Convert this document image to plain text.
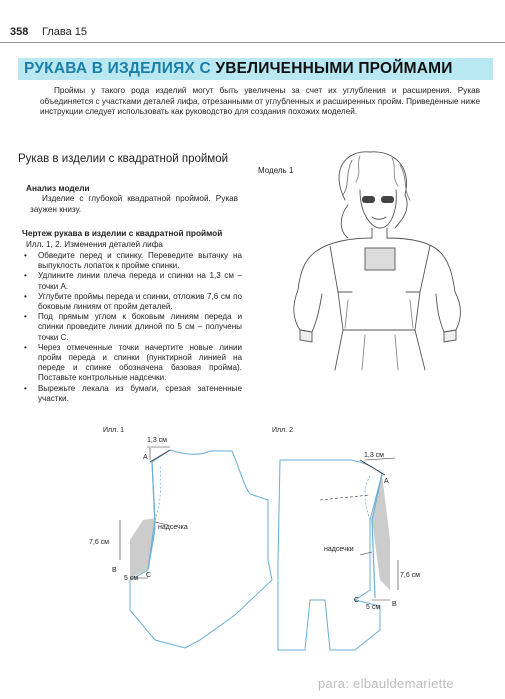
358 Глава 15
РУКАВА В ИЗДЕЛИЯХ С УВЕЛИЧЕННЫМИ ПРОЙМАМИ
Проймы у такого рода изделий могут быть увеличены за счет их углубления и расширения. Рукав объединяется с участками деталей лифа, отрезанными от углубленных и расширенных пройм. Приведенные ниже инструкции следует использовать как руководство для создания похожих моделей.
Рукав в изделии с квадратной проймой
Анализ модели
Изделие с глубокой квадратной проймой. Рукав заужен книзу.
Чертеж рукава в изделии с квадратной проймой
Илл. 1, 2. Изменения деталей лифа
• Обведите перед и спинку. Переведите вытачку на выпуклость лопаток к пройме спинки.
• Удлините линии плеча переда и спинки на 1,3 см – точки А.
• Углубите проймы переда и спинки, отложив 7,6 см по боковым линиям от пройм деталей.
• Под прямым углом к боковым линиям переда и спинки проведите линии длиной по 5 см – получены точки С.
• Через отмеченные точки начертите новые линии пройм переда и спинки (пунктирной линией на переде и спинке обозначена базовая пройма). Поставьте контрольные надсечки.
• Вырежьте лекала из бумаги, срезая затененные участки.
Модель 1
Илл. 1
1,3 см
A
надсечка
7,6 см
B
5 см C
Илл. 2
1,3 см
A
надсечки
7,6 см
B
5 см
C
para: elbauldemariette
